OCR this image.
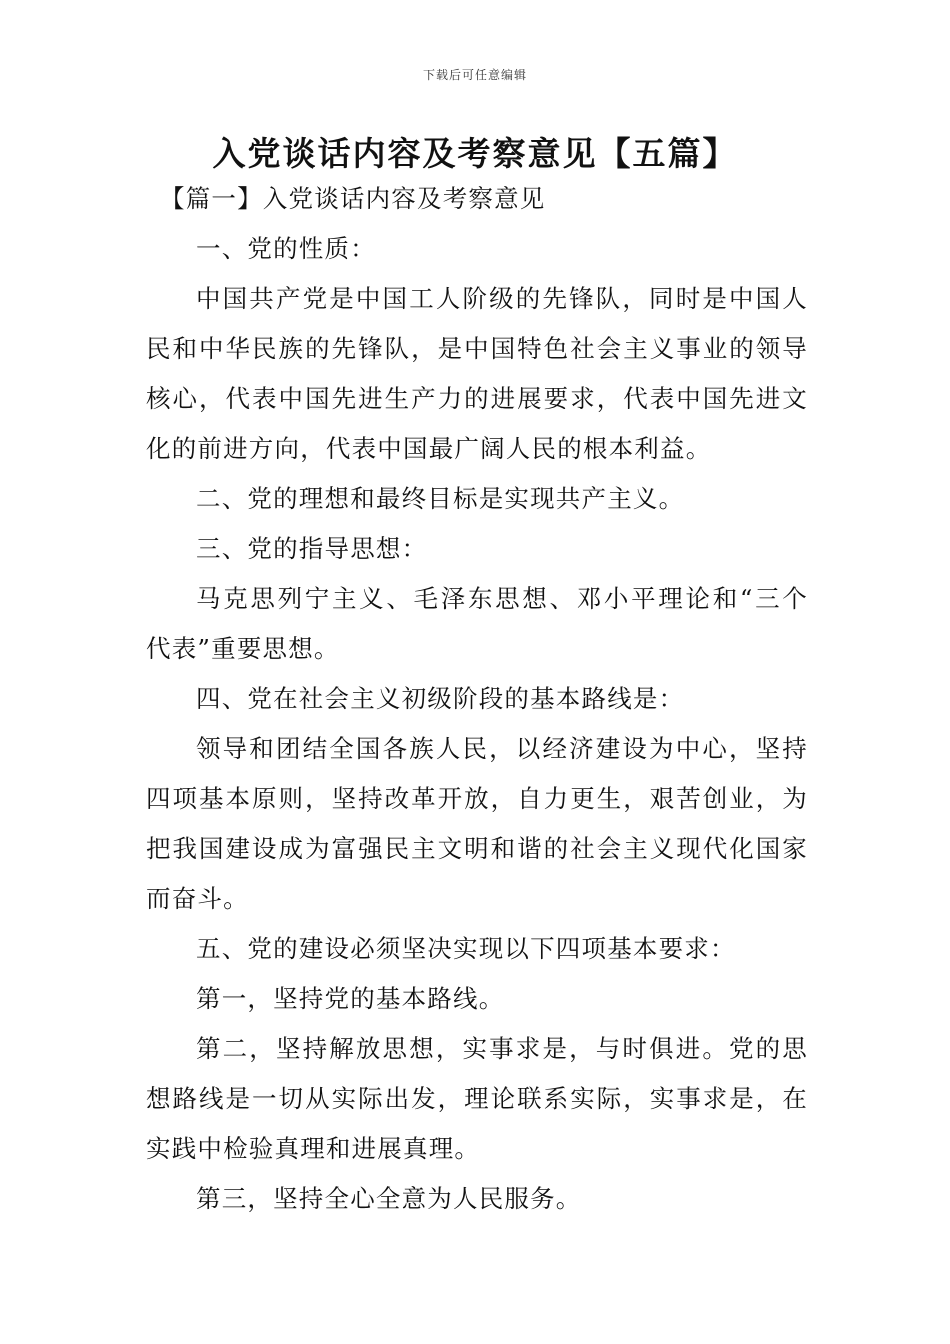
下载后可任意编辑
入党谈话内容及考察意见【五篇】
【篇一】入党谈话内容及考察意见
一、党的性质：
中国共产党是中国工人阶级的先锋队，同时是中国人
民和中华民族的先锋队，是中国特色社会主义事业的领导
核心，代表中国先进生产力的进展要求，代表中国先进文
化的前进方向，代表中国最广阔人民的根本利益。
二、党的理想和最终目标是实现共产主义。
三、党的指导思想：
马克思列宁主义、毛泽东思想、邓小平理论和“三个
代表”重要思想。
四、党在社会主义初级阶段的基本路线是：
领导和团结全国各族人民，以经济建设为中心，坚持
四项基本原则，坚持改革开放，自力更生，艰苦创业，为
把我国建设成为富强民主文明和谐的社会主义现代化国家
而奋斗。
五、党的建设必须坚决实现以下四项基本要求：
第一，坚持党的基本路线。
第二，坚持解放思想，实事求是，与时俱进。党的思
想路线是一切从实际出发，理论联系实际，实事求是，在
实践中检验真理和进展真理。
第三，坚持全心全意为人民服务。
